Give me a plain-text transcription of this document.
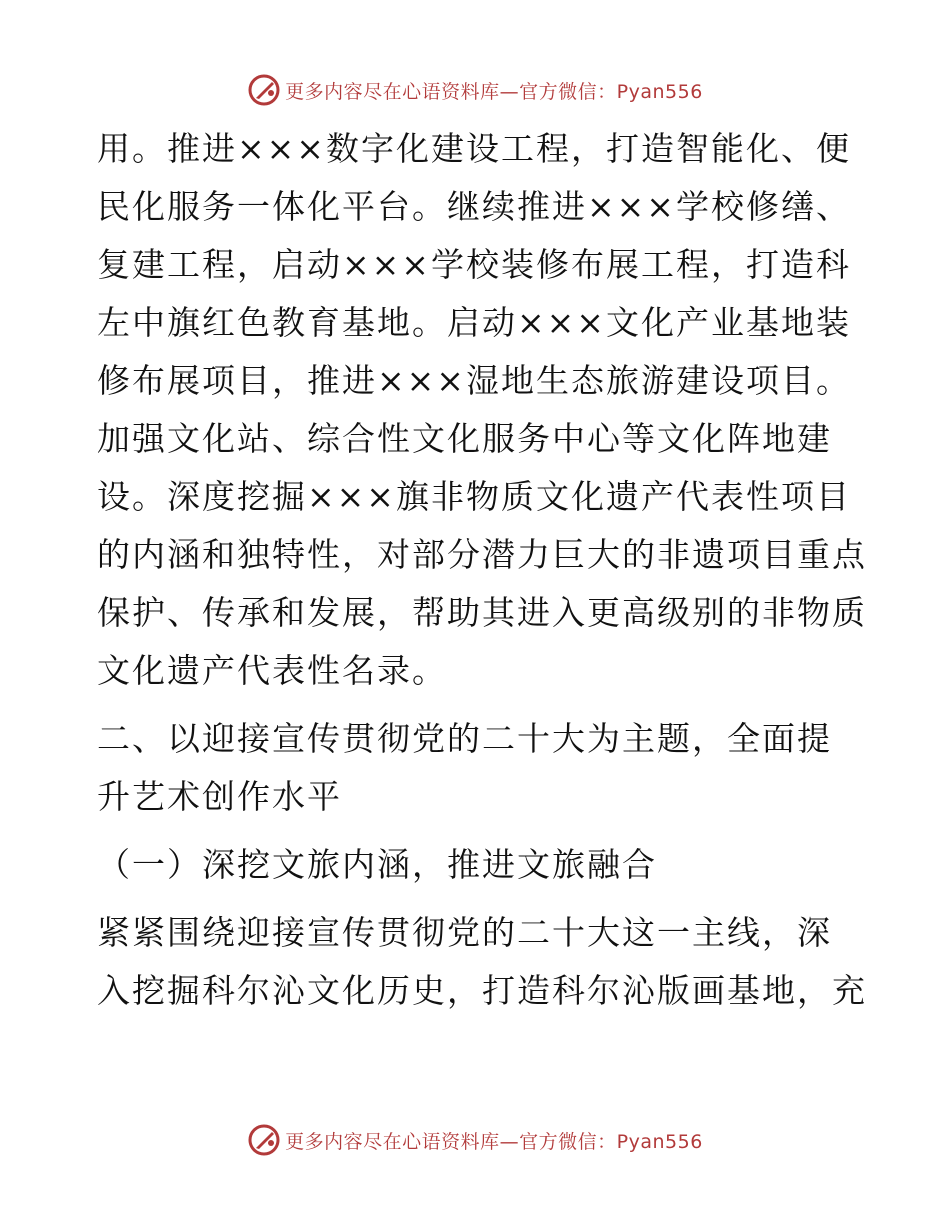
更多内容尽在心语资料库—官方微信：Pyan556
用。推进×××数字化建设工程，打造智能化、便
民化服务一体化平台。继续推进×××学校修缮、
复建工程，启动×××学校装修布展工程，打造科
左中旗红色教育基地。启动×××文化产业基地装
修布展项目，推进×××湿地生态旅游建设项目。
加强文化站、综合性文化服务中心等文化阵地建
设。深度挖掘×××旗非物质文化遗产代表性项目
的内涵和独特性，对部分潜力巨大的非遗项目重点
保护、传承和发展，帮助其进入更高级别的非物质
文化遗产代表性名录。
二、以迎接宣传贯彻党的二十大为主题，全面提
升艺术创作水平
（一）深挖文旅内涵，推进文旅融合
紧紧围绕迎接宣传贯彻党的二十大这一主线，深
入挖掘科尔沁文化历史，打造科尔沁版画基地，充
更多内容尽在心语资料库—官方微信：Pyan556
